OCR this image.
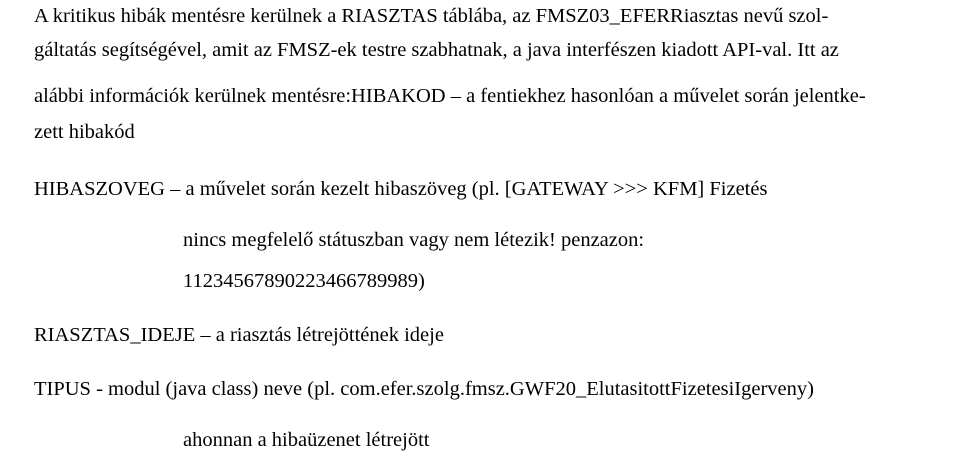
A kritikus hibák mentésre kerülnek a RIASZTAS táblába, az FMSZ03_EFERRiasztas nevű szol-
gáltatás segítségével, amit az FMSZ-ek testre szabhatnak, a java interfészen kiadott API-val. Itt az
alábbi információk kerülnek mentésre:HIBAKOD – a fentiekhez hasonlóan a művelet során jelentke-
zett hibakód
HIBASZOVEG – a művelet során kezelt hibaszöveg (pl. [GATEWAY >>> KFM] Fizetés
nincs megfelelő státuszban vagy nem létezik! penzazon:
112345678902234667899​89)
RIASZTAS_IDEJE – a riasztás létrejöttének ideje
TIPUS - modul (java class) neve (pl. com.efer.szolg.fmsz.GWF20_ElutasitottFizetesiIgerveny)
ahonnan a hibaüzenet létrejött
